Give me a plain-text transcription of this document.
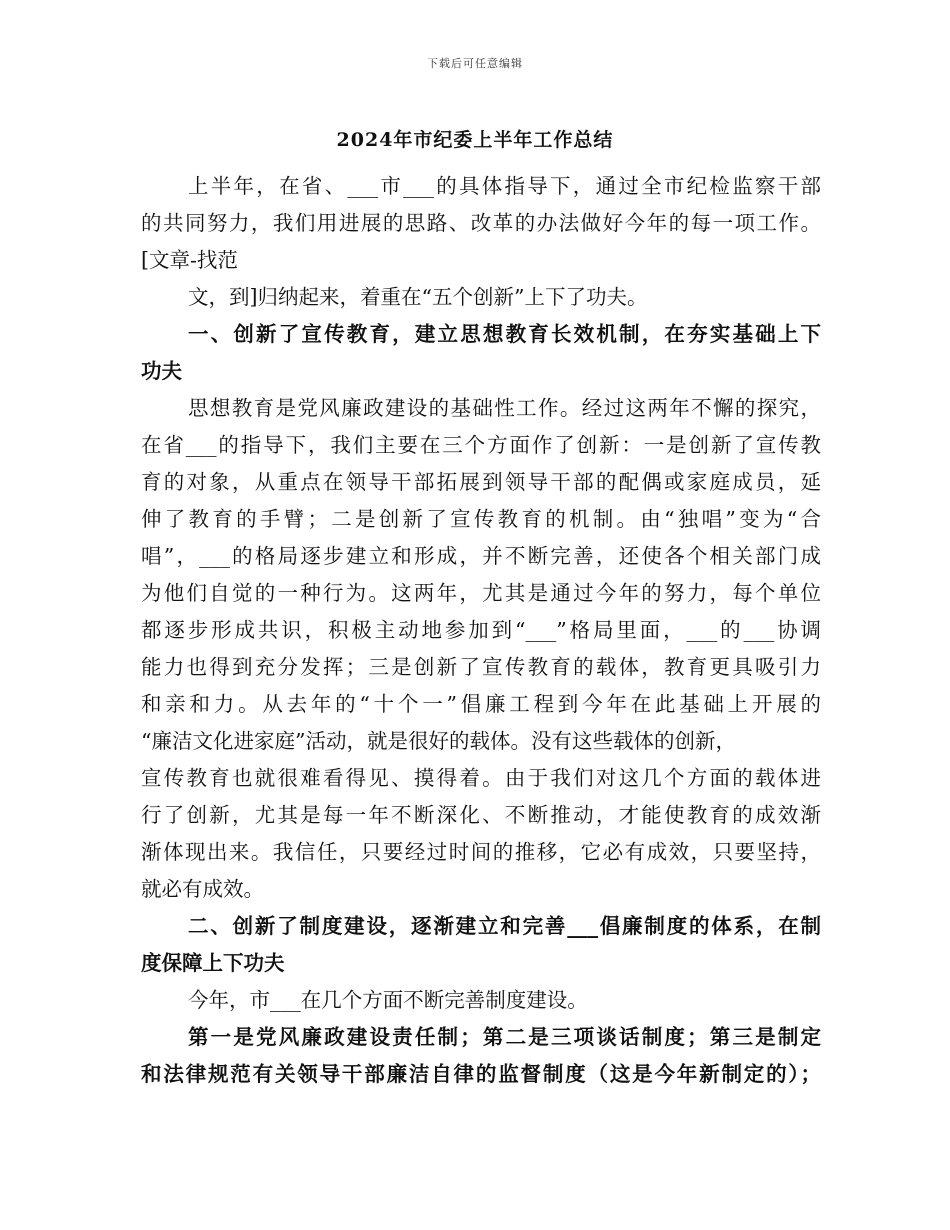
下载后可任意编辑
2024年市纪委上半年工作总结
上半年，在省、___市___的具体指导下，通过全市纪检监察干部
的共同努力，我们用进展的思路、改革的办法做好今年的每一项工作。
[文章-找范
文，到]归纳起来，着重在“五个创新”上下了功夫。
一、创新了宣传教育，建立思想教育长效机制，在夯实基础上下
功夫
思想教育是党风廉政建设的基础性工作。经过这两年不懈的探究，
在省___的指导下，我们主要在三个方面作了创新：一是创新了宣传教
育的对象，从重点在领导干部拓展到领导干部的配偶或家庭成员，延
伸了教育的手臂；二是创新了宣传教育的机制。由“独唱”变为“合
唱”，___的格局逐步建立和形成，并不断完善，还使各个相关部门成
为他们自觉的一种行为。这两年，尤其是通过今年的努力，每个单位
都逐步形成共识，积极主动地参加到“___”格局里面，___的___协调
能力也得到充分发挥；三是创新了宣传教育的载体，教育更具吸引力
和亲和力。从去年的“十个一”倡廉工程到今年在此基础上开展的
“廉洁文化进家庭”活动，就是很好的载体。没有这些载体的创新，
宣传教育也就很难看得见、摸得着。由于我们对这几个方面的载体进
行了创新，尤其是每一年不断深化、不断推动，才能使教育的成效渐
渐体现出来。我信任，只要经过时间的推移，它必有成效，只要坚持，
就必有成效。
二、创新了制度建设，逐渐建立和完善___倡廉制度的体系，在制
度保障上下功夫
今年，市___在几个方面不断完善制度建设。
第一是党风廉政建设责任制；第二是三项谈话制度；第三是制定
和法律规范有关领导干部廉洁自律的监督制度（这是今年新制定的）；
